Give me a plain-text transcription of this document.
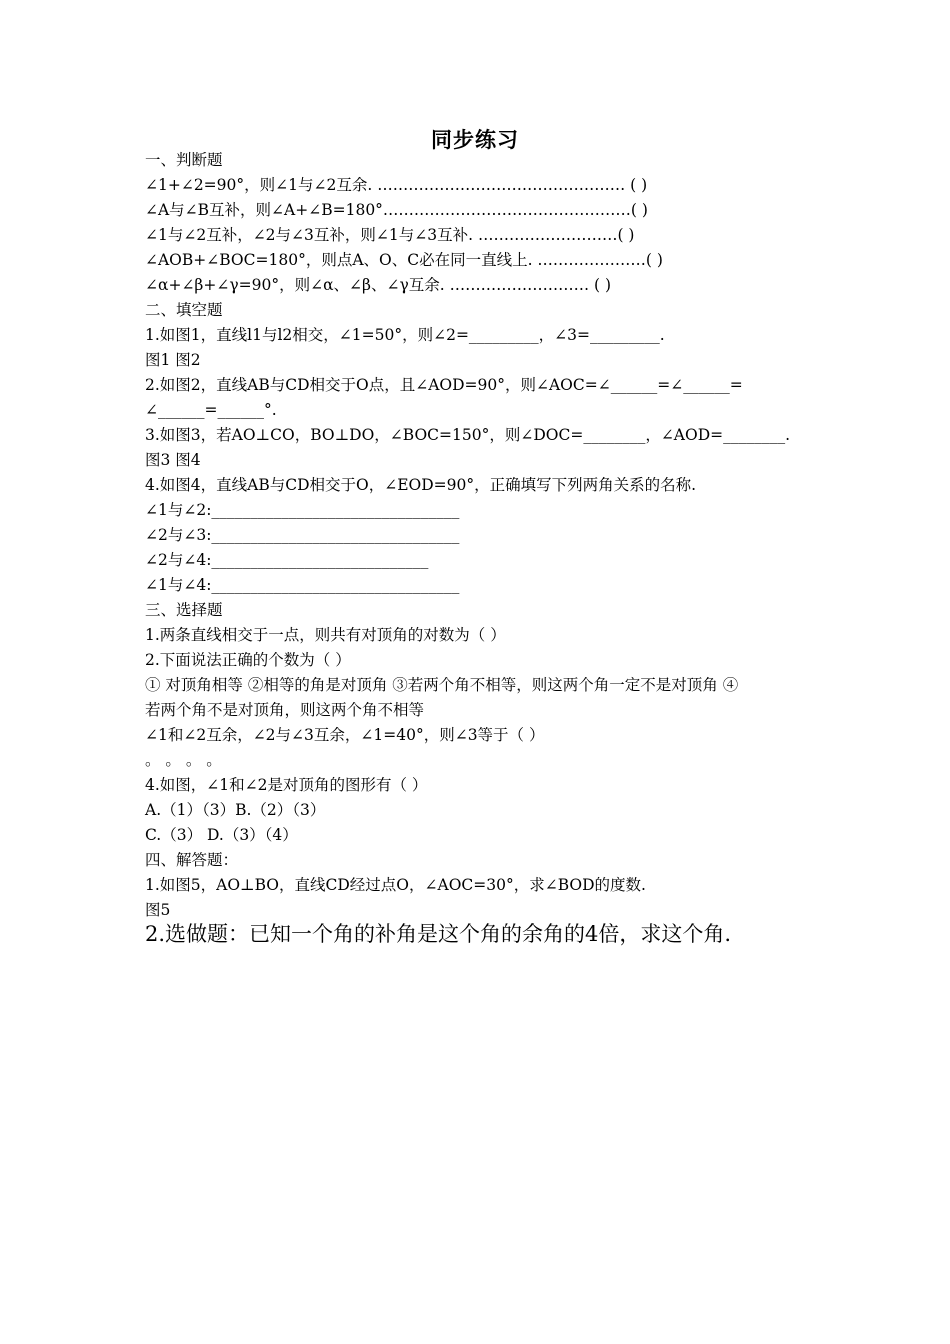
同步练习
一、判断题
∠1+∠2=90°，则∠1与∠2互余. ………………………………………… ( )
∠A与∠B互补，则∠A+∠B=180°…………………………………………( )
∠1与∠2互补，∠2与∠3互补，则∠1与∠3互补. ………………………( )
∠AOB+∠BOC=180°，则点A、O、C必在同一直线上. …………………( )
∠α+∠β+∠γ=90°，则∠α、∠β、∠γ互余. ……………………… ( )
二、填空题
1.如图1，直线l1与l2相交，∠1=50°，则∠2=_________，∠3=_________.
图1 图2
2.如图2，直线AB与CD相交于O点，且∠AOD=90°，则∠AOC=∠______=∠______=
∠______=______°.
3.如图3，若AO⊥CO，BO⊥DO，∠BOC=150°，则∠DOC=________，∠AOD=________.
图3 图4
4.如图4，直线AB与CD相交于O，∠EOD=90°，正确填写下列两角关系的名称.
∠1与∠2:________________________________
∠2与∠3:________________________________
∠2与∠4:____________________________
∠1与∠4:________________________________
三、选择题
1.两条直线相交于一点，则共有对顶角的对数为（ ）
2.下面说法正确的个数为（ ）
① 对顶角相等 ②相等的角是对顶角 ③若两个角不相等，则这两个角一定不是对顶角 ④
若两个角不是对顶角，则这两个角不相等
∠1和∠2互余，∠2与∠3互余，∠1=40°，则∠3等于（ ）
。 。 。 。
4.如图，∠1和∠2是对顶角的图形有（ ）
A.（1）（3）B.（2）（3）
C.（3） D.（3）（4）
四、解答题：
1.如图5，AO⊥BO，直线CD经过点O，∠AOC=30°，求∠BOD的度数.
图5
2.选做题：已知一个角的补角是这个角的余角的4倍，求这个角.
